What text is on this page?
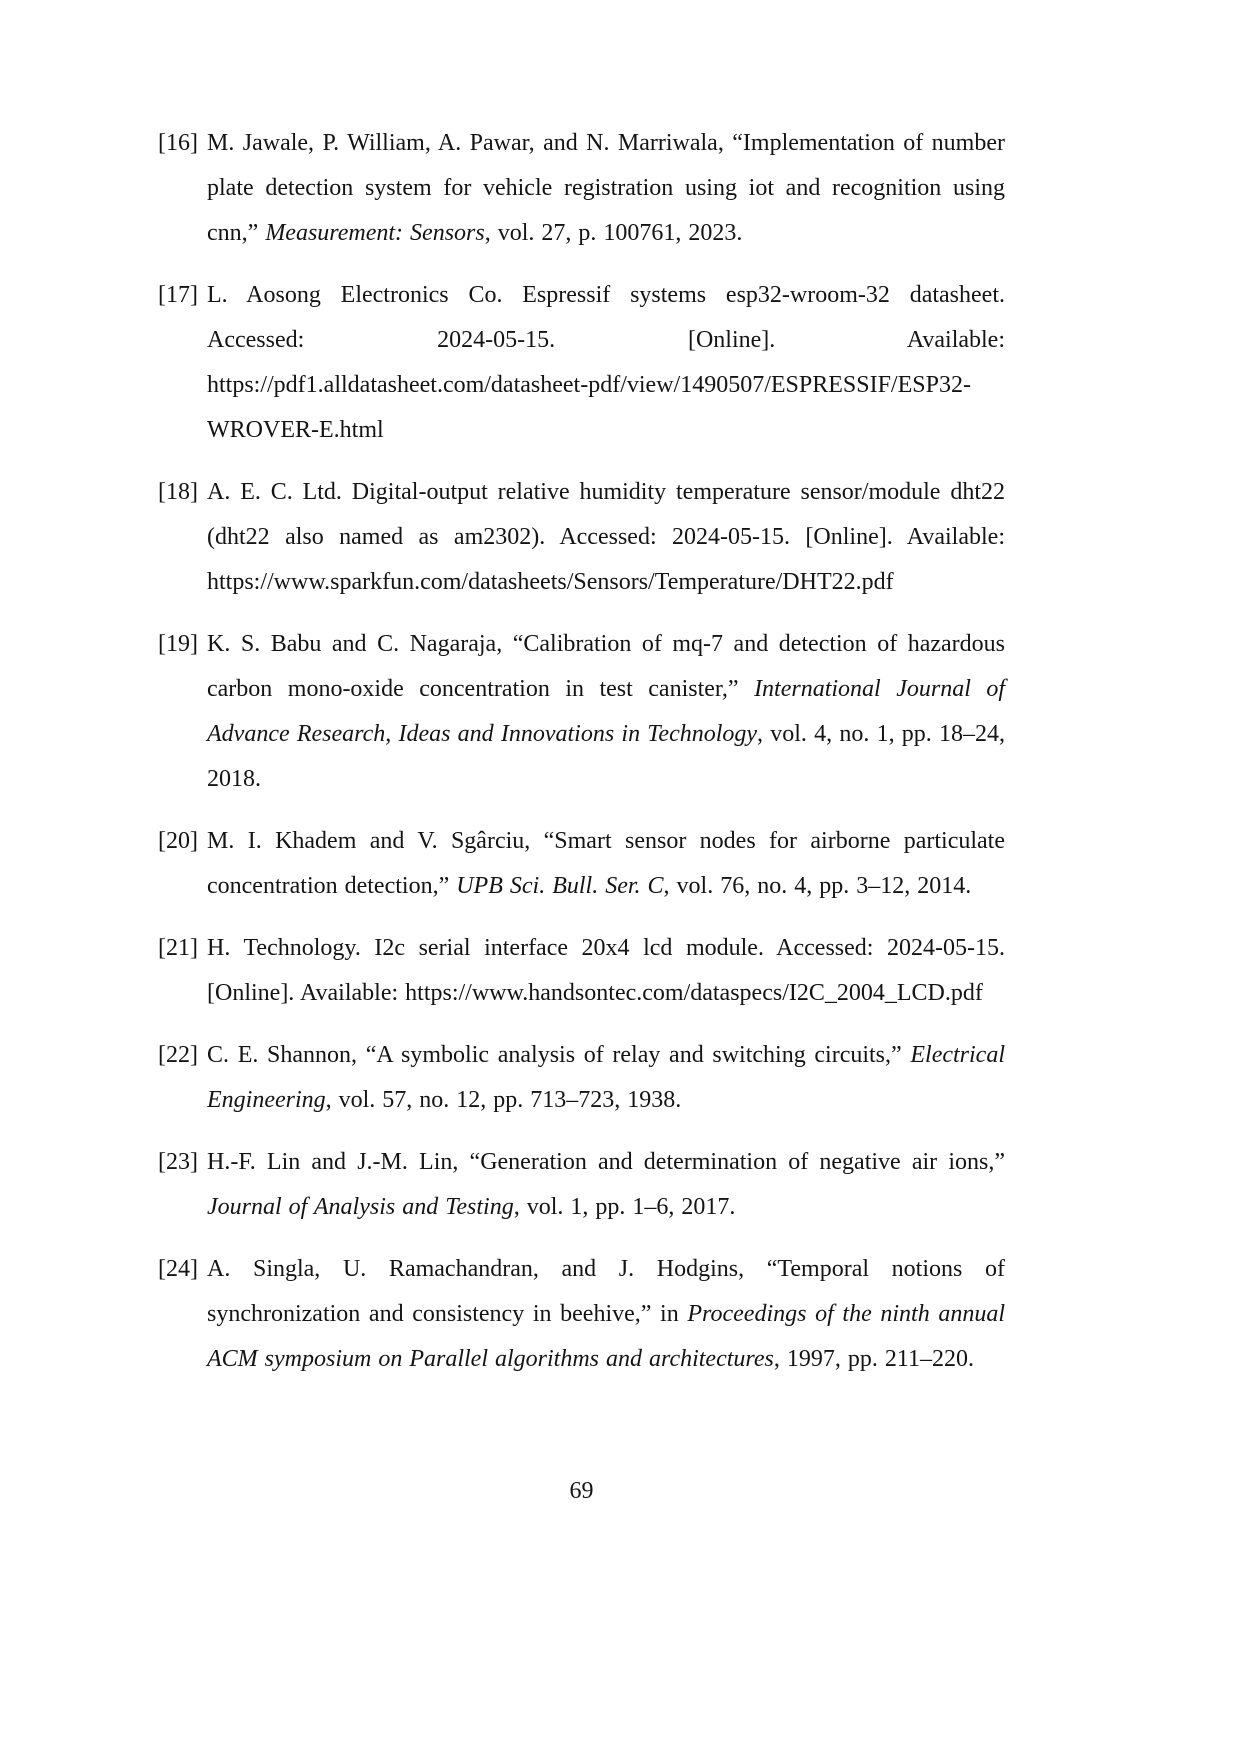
[16] M. Jawale, P. William, A. Pawar, and N. Marriwala, “Implementation of number plate detection system for vehicle registration using iot and recognition using cnn,” Measurement: Sensors, vol. 27, p. 100761, 2023.
[17] L. Aosong Electronics Co. Espressif systems esp32-wroom-32 datasheet. Accessed: 2024-05-15. [Online]. Available: https://pdf1.alldatasheet.com/datasheet-pdf/view/1490507/ESPRESSIF/ESP32-WROVER-E.html
[18] A. E. C. Ltd. Digital-output relative humidity temperature sensor/module dht22 (dht22 also named as am2302). Accessed: 2024-05-15. [Online]. Available: https://www.sparkfun.com/datasheets/Sensors/Temperature/DHT22.pdf
[19] K. S. Babu and C. Nagaraja, “Calibration of mq-7 and detection of hazardous carbon mono-oxide concentration in test canister,” International Journal of Advance Research, Ideas and Innovations in Technology, vol. 4, no. 1, pp. 18–24, 2018.
[20] M. I. Khadem and V. Sgârciu, “Smart sensor nodes for airborne particulate concentration detection,” UPB Sci. Bull. Ser. C, vol. 76, no. 4, pp. 3–12, 2014.
[21] H. Technology. I2c serial interface 20x4 lcd module. Accessed: 2024-05-15. [Online]. Available: https://www.handsontec.com/dataspecs/I2C_2004_LCD.pdf
[22] C. E. Shannon, “A symbolic analysis of relay and switching circuits,” Electrical Engineering, vol. 57, no. 12, pp. 713–723, 1938.
[23] H.-F. Lin and J.-M. Lin, “Generation and determination of negative air ions,” Journal of Analysis and Testing, vol. 1, pp. 1–6, 2017.
[24] A. Singla, U. Ramachandran, and J. Hodgins, “Temporal notions of synchronization and consistency in beehive,” in Proceedings of the ninth annual ACM symposium on Parallel algorithms and architectures, 1997, pp. 211–220.
69
